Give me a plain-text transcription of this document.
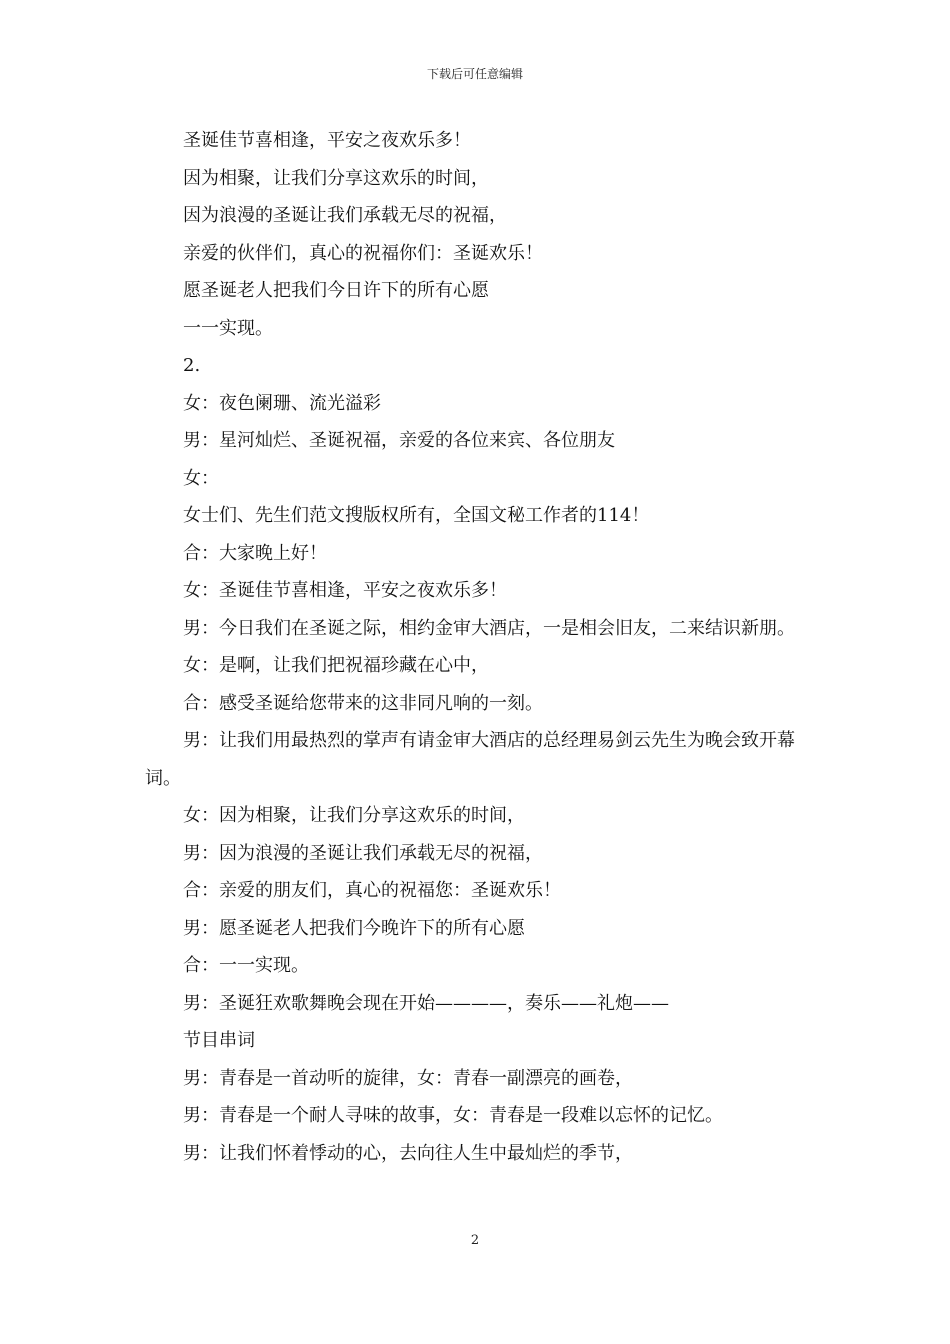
下载后可任意编辑

圣诞佳节喜相逢，平安之夜欢乐多！

因为相聚，让我们分享这欢乐的时间，

因为浪漫的圣诞让我们承载无尽的祝福，

亲爱的伙伴们，真心的祝福你们：圣诞欢乐！

愿圣诞老人把我们今日许下的所有心愿

一一实现。

2.

女：夜色阑珊、流光溢彩

男：星河灿烂、圣诞祝福，亲爱的各位来宾、各位朋友

女：

女士们、先生们范文搜版权所有，全国文秘工作者的114！

合：大家晚上好！

女：圣诞佳节喜相逢，平安之夜欢乐多！

男：今日我们在圣诞之际，相约金审大酒店，一是相会旧友，二来结识新朋。

女：是啊，让我们把祝福珍藏在心中，

合：感受圣诞给您带来的这非同凡响的一刻。

男：让我们用最热烈的掌声有请金审大酒店的总经理易剑云先生为晚会致开幕词。

女：因为相聚，让我们分享这欢乐的时间，

男：因为浪漫的圣诞让我们承载无尽的祝福，

合：亲爱的朋友们，真心的祝福您：圣诞欢乐！

男：愿圣诞老人把我们今晚许下的所有心愿

合：一一实现。

男：圣诞狂欢歌舞晚会现在开始————，奏乐——礼炮——

节目串词

男：青春是一首动听的旋律，女：青春一副漂亮的画卷，

男：青春是一个耐人寻味的故事，女：青春是一段难以忘怀的记忆。

男：让我们怀着悸动的心，去向往人生中最灿烂的季节，

2
